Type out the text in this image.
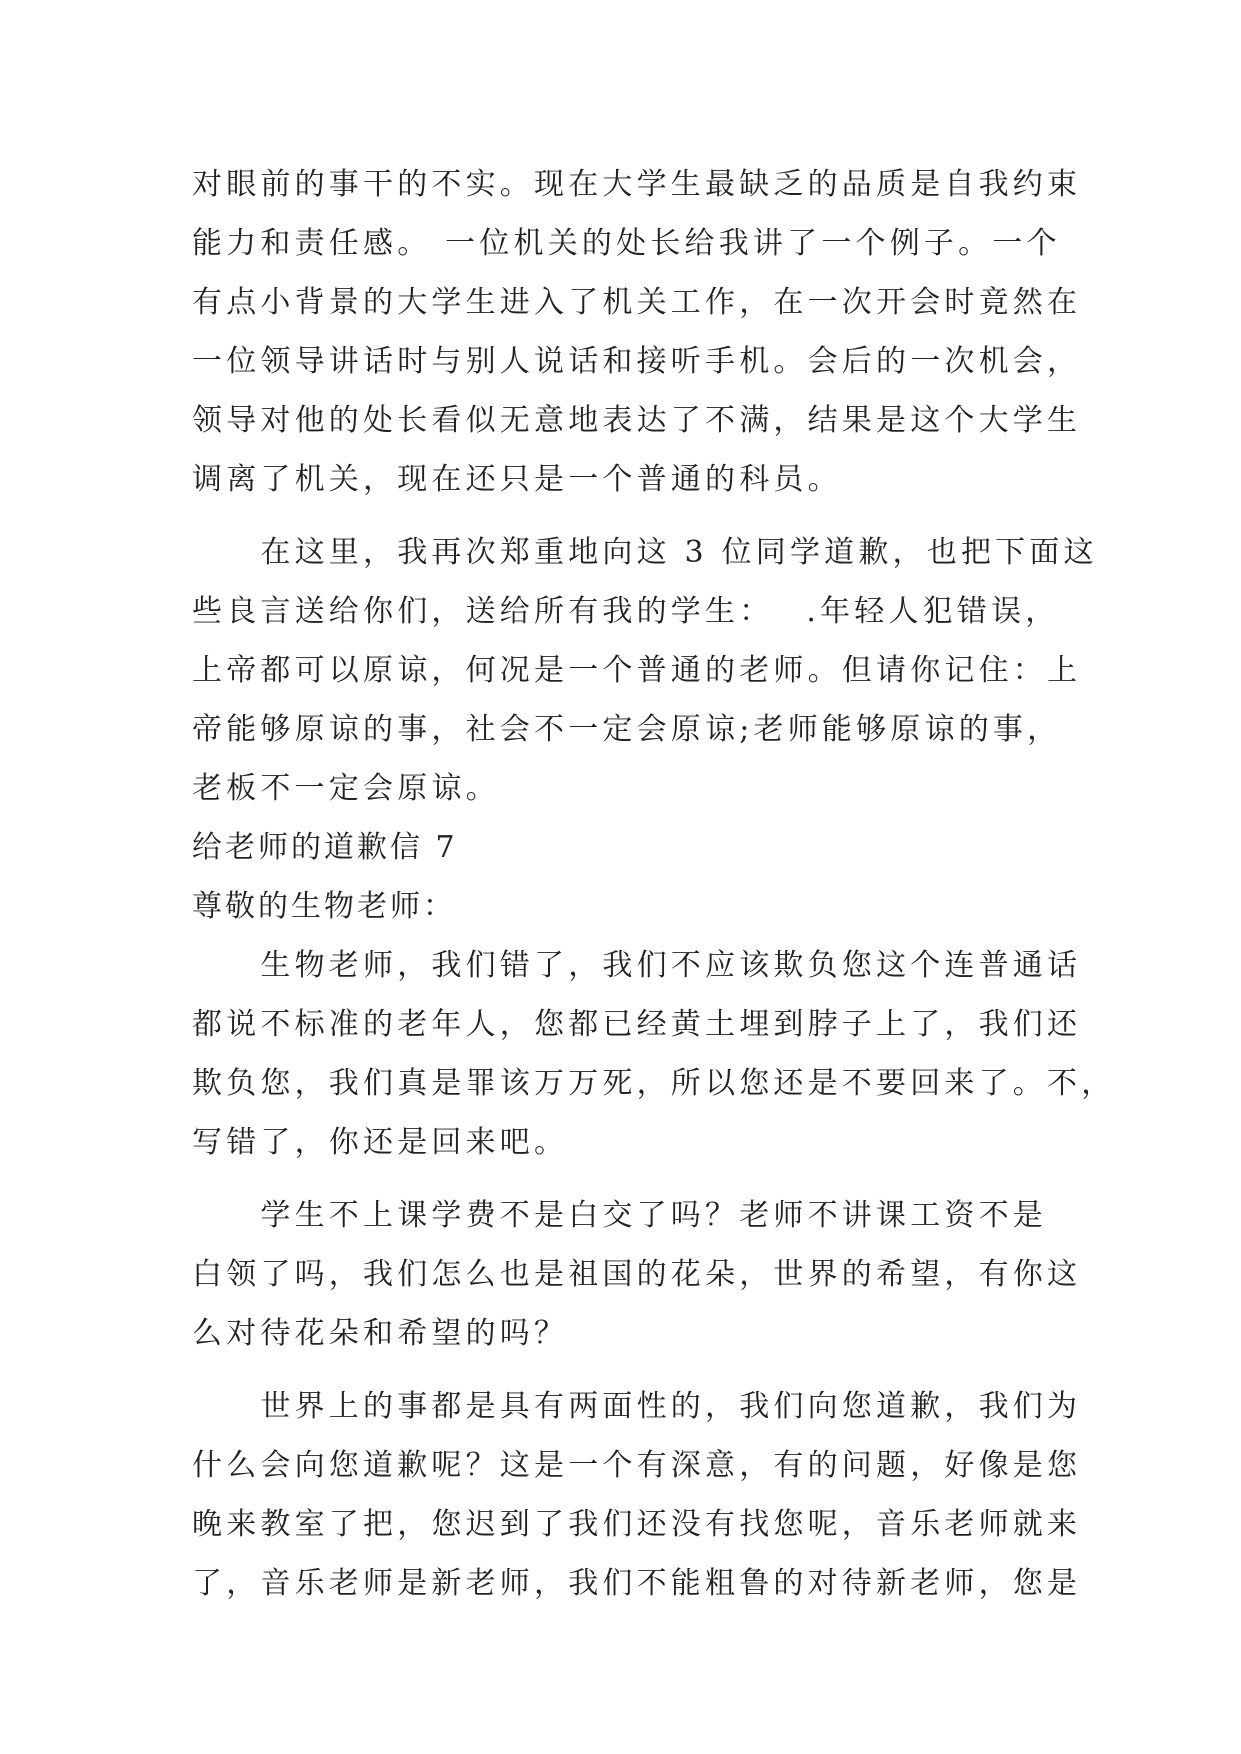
对眼前的事干的不实。现在大学生最缺乏的品质是自我约束
能力和责任感。 一位机关的处长给我讲了一个例子。一个
有点小背景的大学生进入了机关工作，在一次开会时竟然在
一位领导讲话时与别人说话和接听手机。会后的一次机会，
领导对他的处长看似无意地表达了不满，结果是这个大学生
调离了机关，现在还只是一个普通的科员。
　　在这里，我再次郑重地向这 3 位同学道歉，也把下面这
些良言送给你们，送给所有我的学生：　 .年轻人犯错误，
上帝都可以原谅，何况是一个普通的老师。但请你记住：上
帝能够原谅的事，社会不一定会原谅;老师能够原谅的事，
老板不一定会原谅。
给老师的道歉信 7
尊敬的生物老师：
　　生物老师，我们错了，我们不应该欺负您这个连普通话
都说不标准的老年人，您都已经黄土埋到脖子上了，我们还
欺负您，我们真是罪该万万死，所以您还是不要回来了。不，
写错了，你还是回来吧。
　　学生不上课学费不是白交了吗？老师不讲课工资不是
白领了吗，我们怎么也是祖国的花朵，世界的希望，有你这
么对待花朵和希望的吗？
　　世界上的事都是具有两面性的，我们向您道歉，我们为
什么会向您道歉呢？这是一个有深意，有的问题，好像是您
晚来教室了把，您迟到了我们还没有找您呢，音乐老师就来
了，音乐老师是新老师，我们不能粗鲁的对待新老师，您是
